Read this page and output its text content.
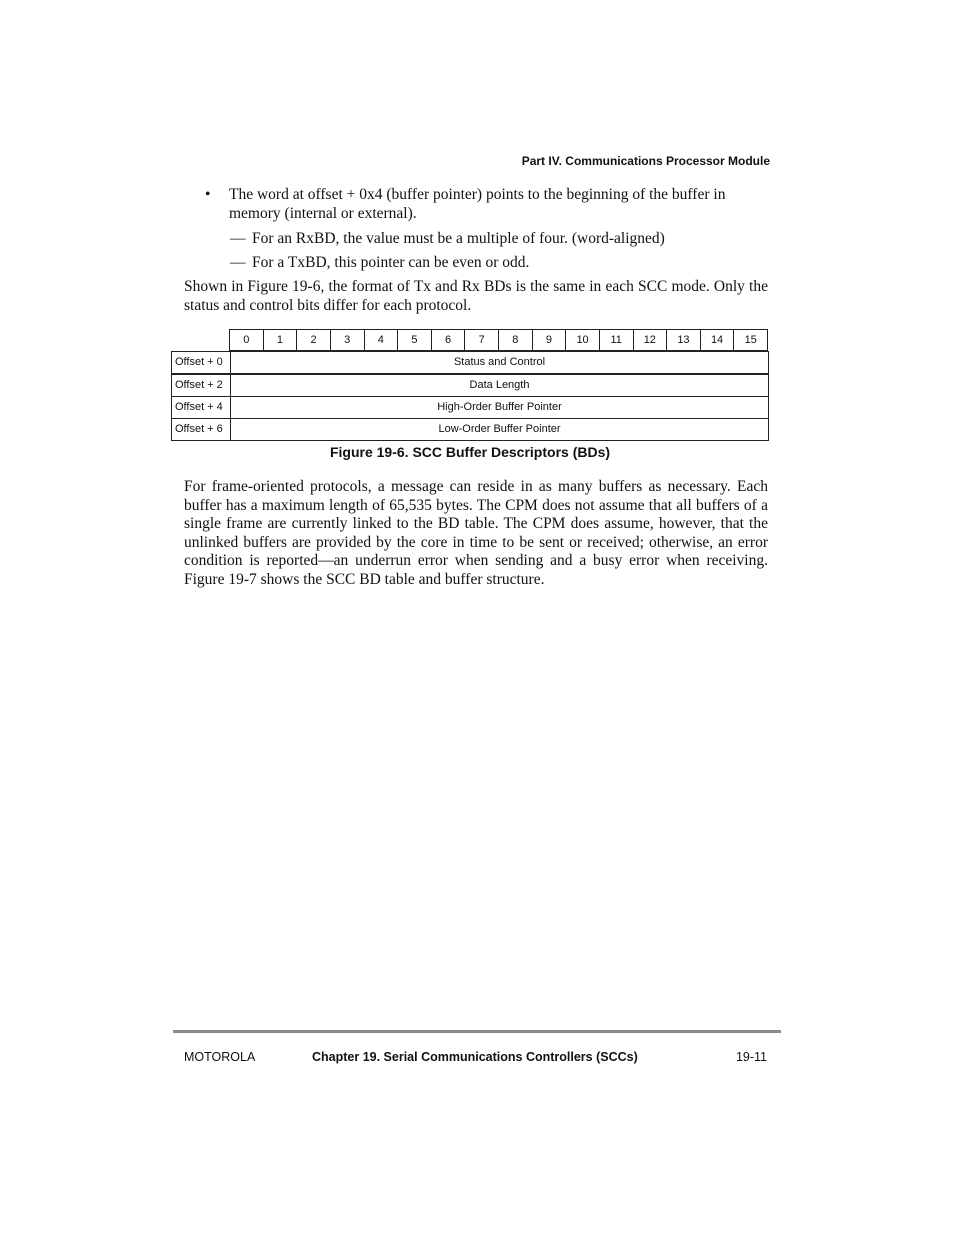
Part IV. Communications Processor Module
•	The word at offset + 0x4 (buffer pointer) points to the beginning of the buffer in memory (internal or external).
— For an RxBD, the value must be a multiple of four. (word-aligned)
— For a TxBD, this pointer can be even or odd.
Shown in Figure 19-6, the format of Tx and Rx BDs is the same in each SCC mode. Only the status and control bits differ for each protocol.
0	1	2	3	4	5	6	7	8	9	10	11	12	13	14	15
Offset + 0	Status and Control
Offset + 2	Data Length
Offset + 4	High-Order Buffer Pointer
Offset + 6	Low-Order Buffer Pointer
Figure 19-6. SCC Buffer Descriptors (BDs)
For frame-oriented protocols, a message can reside in as many buffers as necessary. Each buffer has a maximum length of 65,535 bytes. The CPM does not assume that all buffers of a single frame are currently linked to the BD table. The CPM does assume, however, that the unlinked buffers are provided by the core in time to be sent or received; otherwise, an error condition is reported—an underrun error when sending and a busy error when receiving. Figure 19-7 shows the SCC BD table and buffer structure.
MOTOROLA	Chapter 19. Serial Communications Controllers (SCCs)	19-11
